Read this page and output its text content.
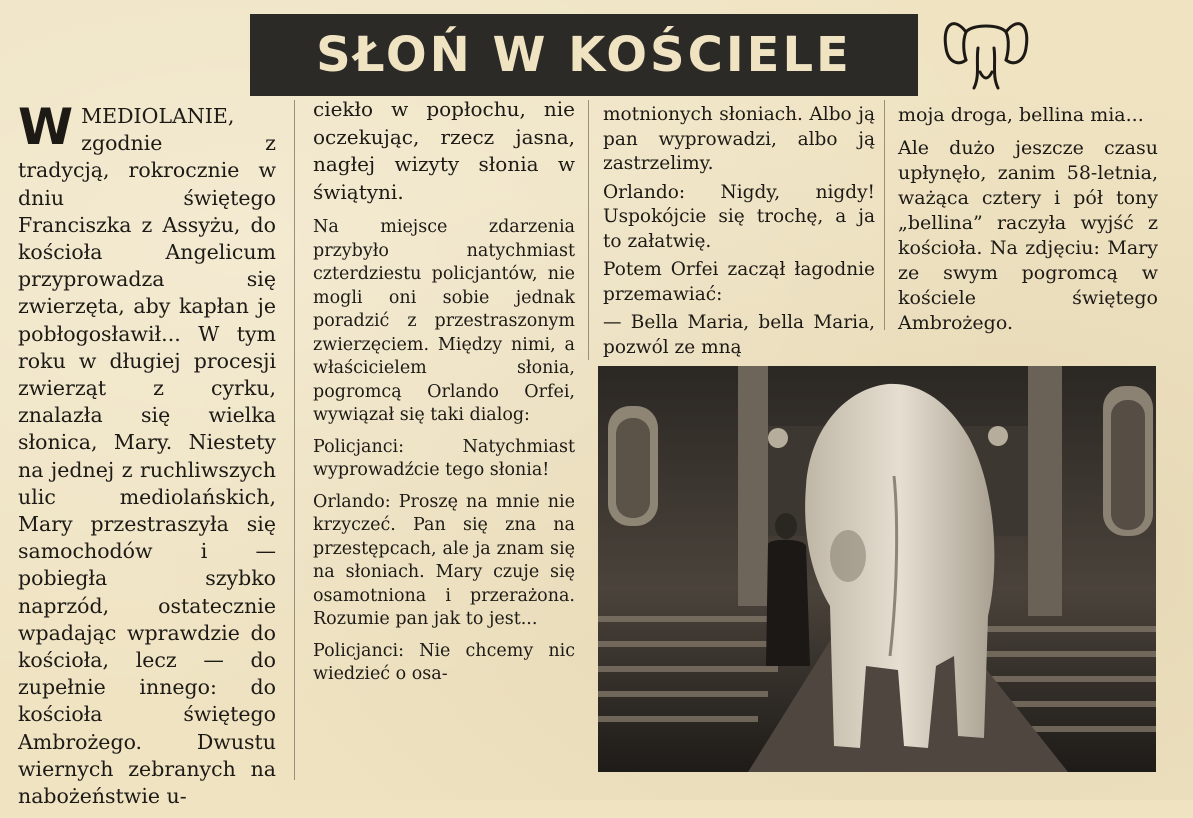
SŁOŃ W KOŚCIELE

W MEDIOLANIE, zgodnie z tradycją, rokrocznie w dniu świętego Franciszka z Assyżu, do kościoła Angelicum przyprowadza się zwierzęta, aby kapłan je pobłogosławił... W tym roku w długiej procesji zwierząt z cyrku, znalazła się wielka słonica, Mary. Niestety na jednej z ruchliwszych ulic mediolańskich, Mary przestraszyła się samochodów i — pobiegła szybko naprzód, ostatecznie wpadając wprawdzie do kościoła, lecz — do zupełnie innego: do kościoła świętego Ambrożego. Dwustu wiernych zebranych na nabożeństwie u-

ciekło w popłochu, nie oczekując, rzecz jasna, nagłej wizyty słonia w świątyni.

Na miejsce zdarzenia przybyło natychmiast czterdziestu policjantów, nie mogli oni sobie jednak poradzić z przestraszonym zwierzęciem. Między nimi, a właścicielem słonia, pogromcą Orlando Orfei, wywiązał się taki dialog:

Policjanci: Natychmiast wyprowadźcie tego słonia!

Orlando: Proszę na mnie nie krzyczeć. Pan się zna na przestępcach, ale ja znam się na słoniach. Mary czuje się osamotniona i przerażona. Rozumie pan jak to jest...

Policjanci: Nie chcemy nic wiedzieć o osa-

motnionych słoniach. Albo ją pan wyprowadzi, albo ją zastrzelimy.

Orlando: Nigdy, nigdy! Uspokójcie się trochę, a ja to załatwię.

Potem Orfei zaczął łagodnie przemawiać:

— Bella Maria, bella Maria, pozwól ze mną

moja droga, bellina mia...

Ale dużo jeszcze czasu upłynęło, zanim 58-letnia, ważąca cztery i pół tony „bellina” raczyła wyjść z kościoła. Na zdjęciu: Mary ze swym pogromcą w kościele świętego Ambrożego.
